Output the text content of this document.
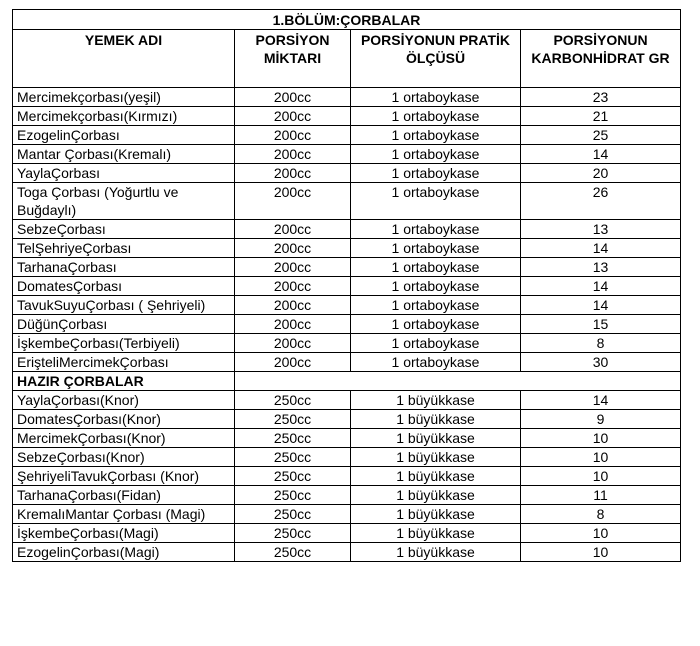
1.BÖLÜM:ÇORBALAR			
YEMEK ADI	PORSİYON MİKTARI	PORSİYONUN PRATİK ÖLÇÜSÜ	PORSİYONUN KARBONHİDRAT GR
Mercimekçorbası(yeşil)	200cc	1 ortaboykase	23
Mercimekçorbası(Kırmızı)	200cc	1 ortaboykase	21
EzogelinÇorbası	200cc	1 ortaboykase	25
Mantar Çorbası(Kremalı)	200cc	1 ortaboykase	14
YaylaÇorbası	200cc	1 ortaboykase	20
Toga Çorbası (Yoğurtlu ve Buğdaylı)	200cc	1 ortaboykase	26
SebzeÇorbası	200cc	1 ortaboykase	13
TelŞehriyeÇorbası	200cc	1 ortaboykase	14
TarhanaÇorbası	200cc	1 ortaboykase	13
DomatesÇorbası	200cc	1 ortaboykase	14
TavukSuyuÇorbası ( Şehriyeli)	200cc	1 ortaboykase	14
DüğünÇorbası	200cc	1 ortaboykase	15
İşkembeÇorbası(Terbiyeli)	200cc	1 ortaboykase	8
ErişteliMercimekÇorbası	200cc	1 ortaboykase	30
HAZIR ÇORBALAR			
YaylaÇorbası(Knor)	250cc	1 büyükkase	14
DomatesÇorbası(Knor)	250cc	1 büyükkase	9
MercimekÇorbası(Knor)	250cc	1 büyükkase	10
SebzeÇorbası(Knor)	250cc	1 büyükkase	10
ŞehriyeliTavukÇorbası (Knor)	250cc	1 büyükkase	10
TarhanaÇorbası(Fidan)	250cc	1 büyükkase	11
KremalıMantar Çorbası (Magi)	250cc	1 büyükkase	8
İşkembeÇorbası(Magi)	250cc	1 büyükkase	10
EzogelinÇorbası(Magi)	250cc	1 büyükkase	10
